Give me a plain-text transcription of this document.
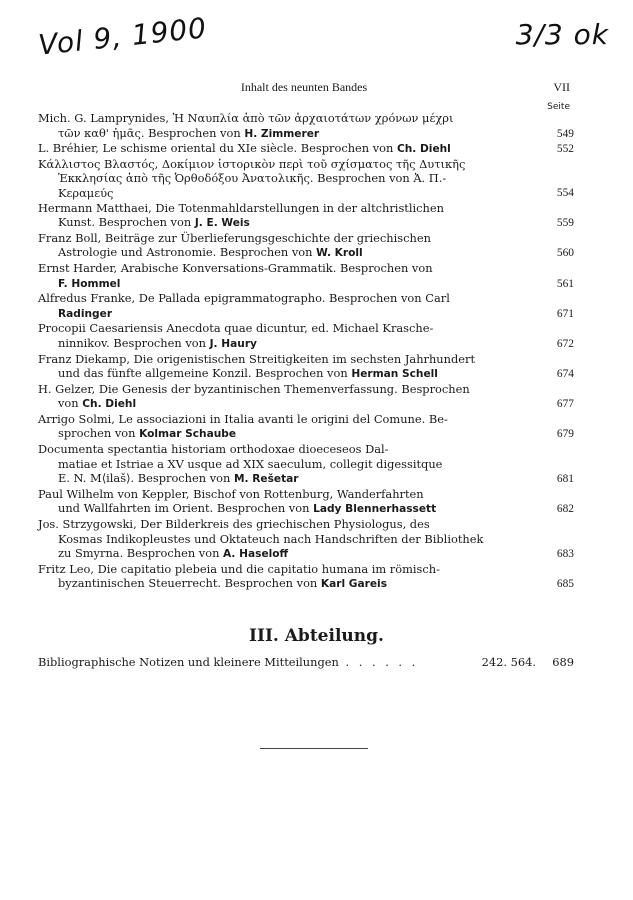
Vol 9, 1900	3/3 ok
Inhalt des neunten Bandes	VII
Seite
Mich. G. Lamprynides, Ἡ Ναυπλία ἀπὸ τῶν ἀρχαιοτάτων χρόνων μέχρι
τῶν καθ' ἡμᾶς. Besprochen von H. Zimmerer	549
L. Bréhier, Le schisme oriental du XIe siècle. Besprochen von Ch. Diehl	552
Κάλλιστος Βλαστός, Δοκίμιον ἱστορικὸν περὶ τοῦ σχίσματος τῆς Δυτικῆς
Ἐκκλησίας ἀπὸ τῆς Ὀρθοδόξου Ἀνατολικῆς. Besprochen von Ἀ. Π.-
Κεραμεύς	554
Hermann Matthaei, Die Totenmahldarstellungen in der altchristlichen
Kunst. Besprochen von J. E. Weis	559
Franz Boll, Beiträge zur Überlieferungsgeschichte der griechischen
Astrologie und Astronomie. Besprochen von W. Kroll	560
Ernst Harder, Arabische Konversations-Grammatik. Besprochen von
F. Hommel	561
Alfredus Franke, De Pallada epigrammatographo. Besprochen von Carl
Radinger	671
Procopii Caesariensis Anecdota quae dicuntur, ed. Michael Krasche-
ninnikov. Besprochen von J. Haury	672
Franz Diekamp, Die origenistischen Streitigkeiten im sechsten Jahrhundert
und das fünfte allgemeine Konzil. Besprochen von Herman Schell	674
H. Gelzer, Die Genesis der byzantinischen Themenverfassung. Besprochen
von Ch. Diehl	677
Arrigo Solmi, Le associazioni in Italia avanti le origini del Comune. Be-
sprochen von Kolmar Schaube	679
Documenta spectantia historiam orthodoxae dioeceseos Dal-
matiae et Istriae a XV usque ad XIX saeculum, collegit digessitque
E. N. M⟨ilaš⟩. Besprochen von M. Rešetar	681
Paul Wilhelm von Keppler, Bischof von Rottenburg, Wanderfahrten
und Wallfahrten im Orient. Besprochen von Lady Blennerhassett	682
Jos. Strzygowski, Der Bilderkreis des griechischen Physiologus, des
Kosmas Indikopleustes und Oktateuch nach Handschriften der Bibliothek
zu Smyrna. Besprochen von A. Haseloff	683
Fritz Leo, Die capitatio plebeia und die capitatio humana im römisch-
byzantinischen Steuerrecht. Besprochen von Karl Gareis	685
III. Abteilung.
Bibliographische Notizen und kleinere Mitteilungen . . . . . .	242. 564. 689
